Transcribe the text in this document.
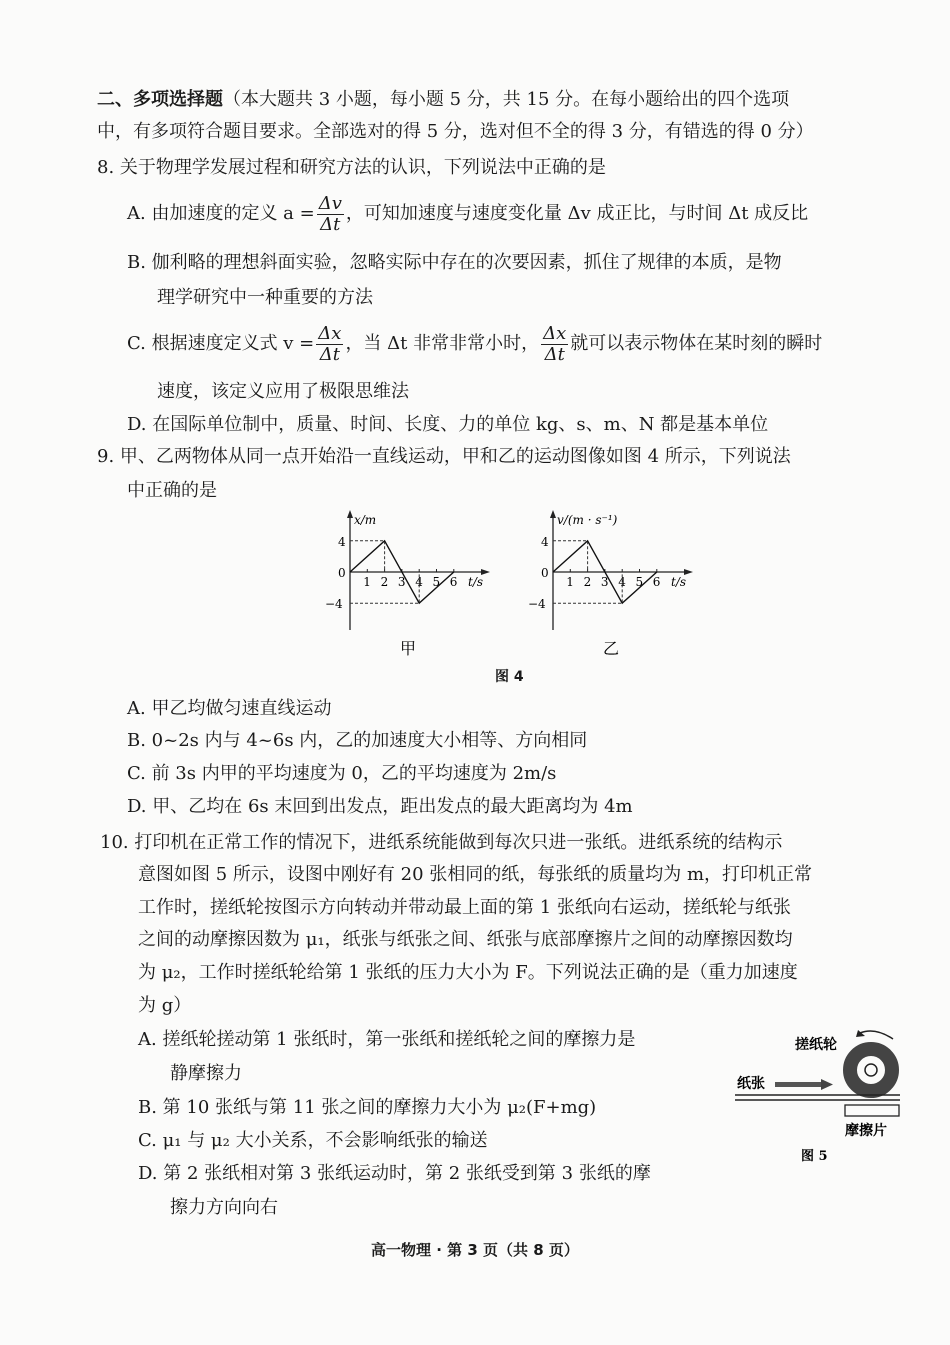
二、多项选择题（本大题共 3 小题，每小题 5 分，共 15 分。在每小题给出的四个选项
中，有多项符合题目要求。全部选对的得 5 分，选对但不全的得 3 分，有错选的得 0 分）
8. 关于物理学发展过程和研究方法的认识，下列说法中正确的是
A. 由加速度的定义 $a = \frac{\Delta v}{\Delta t}$ ，可知加速度与速度变化量 Δv 成正比，与时间 Δt 成反比
B. 伽利略的理想斜面实验，忽略实际中存在的次要因素，抓住了规律的本质，是物
理学研究中一种重要的方法
C. 根据速度定义式 $v = \frac{\Delta x}{\Delta t}$ ，当 Δt 非常非常小时， $\frac{\Delta x}{\Delta t}$ 就可以表示物体在某时刻的瞬时
速度，该定义应用了极限思维法
D. 在国际单位制中，质量、时间、长度、力的单位 kg、s、m、N 都是基本单位
9. 甲、乙两物体从同一点开始沿一直线运动，甲和乙的运动图像如图 4 所示，下列说法
中正确的是
x/m
t/s
1 2 3 4 5 6
4
0
−4
甲
v/(m · s⁻¹)
t/s
1 2 3 4 5 6
4
0
−4
乙
图 4
A. 甲乙均做匀速直线运动
B. 0~2s 内与 4~6s 内，乙的加速度大小相等、方向相同
C. 前 3s 内甲的平均速度为 0，乙的平均速度为 2m/s
D. 甲、乙均在 6s 末回到出发点，距出发点的最大距离均为 4m
10. 打印机在正常工作的情况下，进纸系统能做到每次只进一张纸。进纸系统的结构示
意图如图 5 所示，设图中刚好有 20 张相同的纸，每张纸的质量均为 m，打印机正常
工作时，搓纸轮按图示方向转动并带动最上面的第 1 张纸向右运动，搓纸轮与纸张
之间的动摩擦因数为 μ₁，纸张与纸张之间、纸张与底部摩擦片之间的动摩擦因数均
为 μ₂，工作时搓纸轮给第 1 张纸的压力大小为 F。下列说法正确的是（重力加速度
为 g）
A. 搓纸轮搓动第 1 张纸时，第一张纸和搓纸轮之间的摩擦力是
静摩擦力
B. 第 10 张纸与第 11 张之间的摩擦力大小为 μ₂(F+mg)
C. μ₁ 与 μ₂ 大小关系，不会影响纸张的输送
D. 第 2 张纸相对第 3 张纸运动时，第 2 张纸受到第 3 张纸的摩
擦力方向向右
搓纸轮
纸张
摩擦片
图 5
高一物理 · 第 3 页（共 8 页）
